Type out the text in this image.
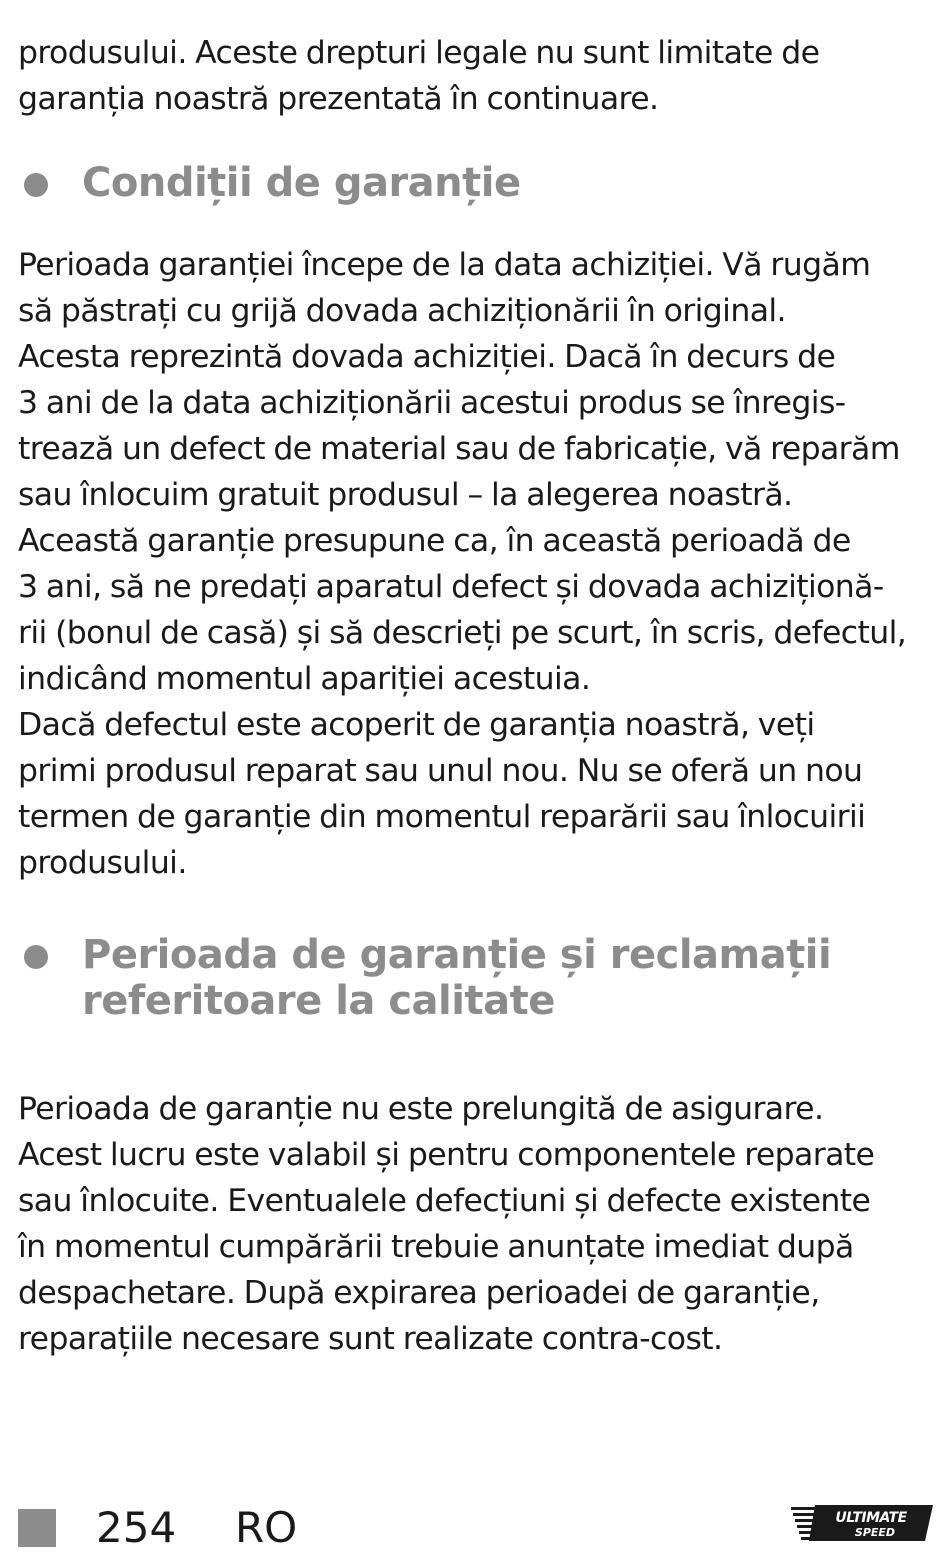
produsului. Aceste drepturi legale nu sunt limitate de
garanția noastră prezentată în continuare.

Condiții de garanție

Perioada garanției începe de la data achiziției. Vă rugăm
să păstrați cu grijă dovada achiziționării în original.
Acesta reprezintă dovada achiziției. Dacă în decurs de
3 ani de la data achiziționării acestui produs se înregis-
trează un defect de material sau de fabricație, vă reparăm
sau înlocuim gratuit produsul – la alegerea noastră.
Această garanție presupune ca, în această perioadă de
3 ani, să ne predați aparatul defect și dovada achiziționă-
rii (bonul de casă) și să descrieți pe scurt, în scris, defectul,
indicând momentul apariției acestuia.
Dacă defectul este acoperit de garanția noastră, veți
primi produsul reparat sau unul nou. Nu se oferă un nou
termen de garanție din momentul reparării sau înlocuirii
produsului.

Perioada de garanție și reclamații
referitoare la calitate

Perioada de garanție nu este prelungită de asigurare.
Acest lucru este valabil și pentru componentele reparate
sau înlocuite. Eventualele defecțiuni și defecte existente
în momentul cumpărării trebuie anunțate imediat după
despachetare. După expirarea perioadei de garanție,
reparațiile necesare sunt realizate contra-cost.

254 RO	ULTIMATE
SPEED
